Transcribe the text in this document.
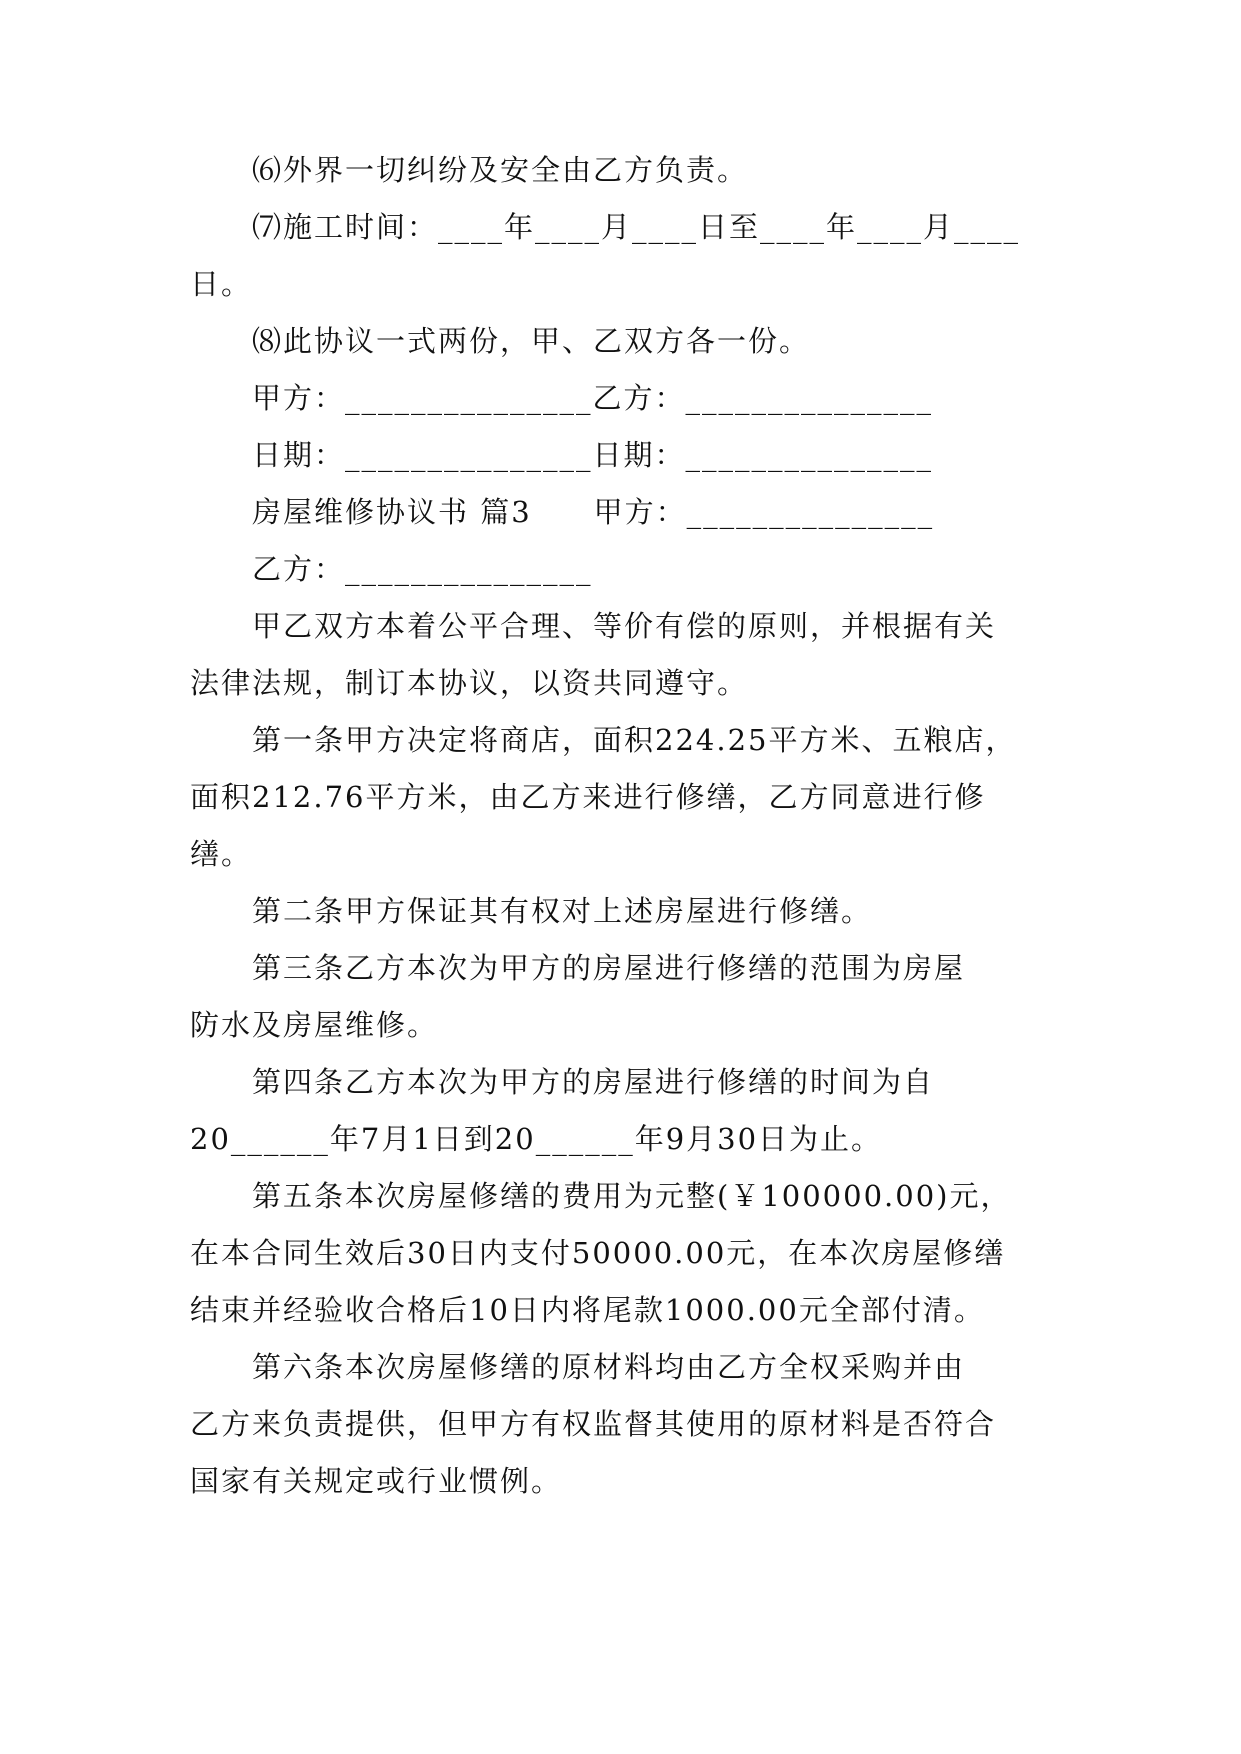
⑹外界一切纠纷及安全由乙方负责。
⑺施工时间：____年____月____日至____年____月____
日。
⑻此协议一式两份，甲、乙双方各一份。
甲方：_______________乙方：_______________
日期：_______________日期：_______________
房屋维修协议书 篇3　　甲方：_______________
乙方：_______________
甲乙双方本着公平合理、等价有偿的原则，并根据有关
法律法规，制订本协议，以资共同遵守。
第一条甲方决定将商店，面积224.25平方米、五粮店，
面积212.76平方米，由乙方来进行修缮，乙方同意进行修
缮。
第二条甲方保证其有权对上述房屋进行修缮。
第三条乙方本次为甲方的房屋进行修缮的范围为房屋
防水及房屋维修。
第四条乙方本次为甲方的房屋进行修缮的时间为自
20______年7月1日到20______年9月30日为止。
第五条本次房屋修缮的费用为元整(￥100000.00)元，
在本合同生效后30日内支付50000.00元，在本次房屋修缮
结束并经验收合格后10日内将尾款1000.00元全部付清。
第六条本次房屋修缮的原材料均由乙方全权采购并由
乙方来负责提供，但甲方有权监督其使用的原材料是否符合
国家有关规定或行业惯例。
